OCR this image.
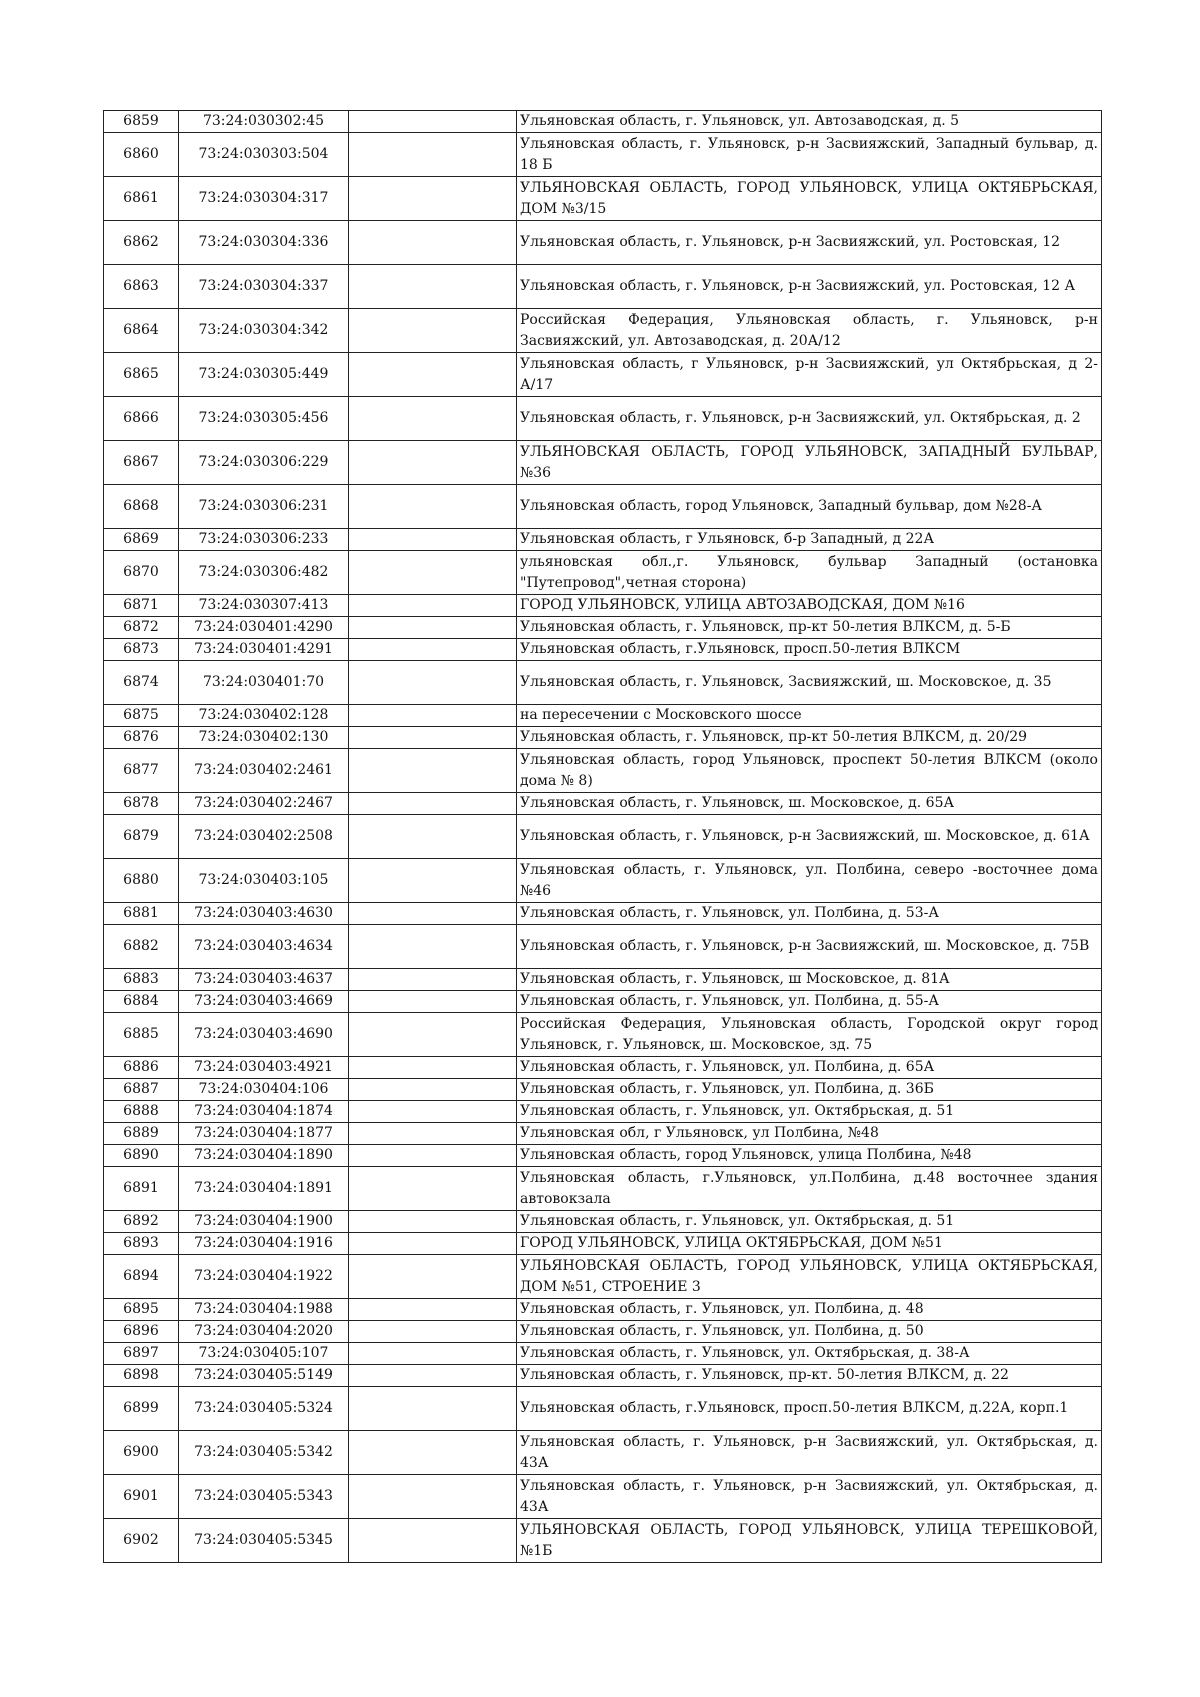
6859	73:24:030302:45		Ульяновская область, г. Ульяновск, ул. Автозаводская, д. 5
6860	73:24:030303:504		Ульяновская область, г. Ульяновск, р-н Засвияжский, Западный бульвар, д. 18 Б
6861	73:24:030304:317		УЛЬЯНОВСКАЯ ОБЛАСТЬ, ГОРОД УЛЬЯНОВСК, УЛИЦА ОКТЯБРЬСКАЯ, ДОМ №3/15
6862	73:24:030304:336		Ульяновская область, г. Ульяновск, р-н Засвияжский, ул. Ростовская, 12
6863	73:24:030304:337		Ульяновская область, г. Ульяновск, р-н Засвияжский, ул. Ростовская, 12 А
6864	73:24:030304:342		Российская Федерация, Ульяновская область, г. Ульяновск, р-н Засвияжский, ул. Автозаводская, д. 20А/12
6865	73:24:030305:449		Ульяновская область, г Ульяновск, р-н Засвияжский, ул Октябрьская, д 2-А/17
6866	73:24:030305:456		Ульяновская область, г. Ульяновск, р-н Засвияжский, ул. Октябрьская, д. 2
6867	73:24:030306:229		УЛЬЯНОВСКАЯ ОБЛАСТЬ, ГОРОД УЛЬЯНОВСК, ЗАПАДНЫЙ БУЛЬВАР, №36
6868	73:24:030306:231		Ульяновская область, город Ульяновск, Западный бульвар, дом №28-А
6869	73:24:030306:233		Ульяновская область, г Ульяновск, б-р Западный, д 22А
6870	73:24:030306:482		ульяновская обл.,г. Ульяновск, бульвар Западный (остановка "Путепровод",четная сторона)
6871	73:24:030307:413		ГОРОД УЛЬЯНОВСК, УЛИЦА АВТОЗАВОДСКАЯ, ДОМ №16
6872	73:24:030401:4290		Ульяновская область, г. Ульяновск, пр-кт 50-летия ВЛКСМ, д. 5-Б
6873	73:24:030401:4291		Ульяновская область, г.Ульяновск, просп.50-летия ВЛКСМ
6874	73:24:030401:70		Ульяновская область, г. Ульяновск, Засвияжский, ш. Московское, д. 35
6875	73:24:030402:128		на пересечении с Московского шоссе
6876	73:24:030402:130		Ульяновская область, г. Ульяновск, пр-кт 50-летия ВЛКСМ, д. 20/29
6877	73:24:030402:2461		Ульяновская область, город Ульяновск, проспект 50-летия ВЛКСМ (около дома № 8)
6878	73:24:030402:2467		Ульяновская область, г. Ульяновск, ш. Московское, д. 65А
6879	73:24:030402:2508		Ульяновская область, г. Ульяновск, р-н Засвияжский, ш. Московское, д. 61А
6880	73:24:030403:105		Ульяновская область, г. Ульяновск, ул. Полбина, северо -восточнее дома №46
6881	73:24:030403:4630		Ульяновская область, г. Ульяновск, ул. Полбина, д. 53-А
6882	73:24:030403:4634		Ульяновская область, г. Ульяновск, р-н Засвияжский, ш. Московское, д. 75В
6883	73:24:030403:4637		Ульяновская область, г. Ульяновск, ш Московское, д. 81А
6884	73:24:030403:4669		Ульяновская область, г. Ульяновск, ул. Полбина, д. 55-А
6885	73:24:030403:4690		Российская Федерация, Ульяновская область, Городской округ город Ульяновск, г. Ульяновск, ш. Московское, зд. 75
6886	73:24:030403:4921		Ульяновская область, г. Ульяновск, ул. Полбина, д. 65А
6887	73:24:030404:106		Ульяновская область, г. Ульяновск, ул. Полбина, д. 36Б
6888	73:24:030404:1874		Ульяновская область, г. Ульяновск, ул. Октябрьская, д. 51
6889	73:24:030404:1877		Ульяновская обл, г Ульяновск, ул Полбина, №48
6890	73:24:030404:1890		Ульяновская область, город Ульяновск, улица Полбина, №48
6891	73:24:030404:1891		Ульяновская область, г.Ульяновск, ул.Полбина, д.48 восточнее здания автовокзала
6892	73:24:030404:1900		Ульяновская область, г. Ульяновск, ул. Октябрьская, д. 51
6893	73:24:030404:1916		ГОРОД УЛЬЯНОВСК, УЛИЦА ОКТЯБРЬСКАЯ, ДОМ №51
6894	73:24:030404:1922		УЛЬЯНОВСКАЯ ОБЛАСТЬ, ГОРОД УЛЬЯНОВСК, УЛИЦА ОКТЯБРЬСКАЯ, ДОМ №51, СТРОЕНИЕ 3
6895	73:24:030404:1988		Ульяновская область, г. Ульяновск, ул. Полбина, д. 48
6896	73:24:030404:2020		Ульяновская область, г. Ульяновск, ул. Полбина, д. 50
6897	73:24:030405:107		Ульяновская область, г. Ульяновск, ул. Октябрьская, д. 38-А
6898	73:24:030405:5149		Ульяновская область, г. Ульяновск, пр-кт. 50-летия ВЛКСМ, д. 22
6899	73:24:030405:5324		Ульяновская область, г.Ульяновск, просп.50-летия ВЛКСМ, д.22А, корп.1
6900	73:24:030405:5342		Ульяновская область, г. Ульяновск, р-н Засвияжский, ул. Октябрьская, д. 43А
6901	73:24:030405:5343		Ульяновская область, г. Ульяновск, р-н Засвияжский, ул. Октябрьская, д. 43А
6902	73:24:030405:5345		УЛЬЯНОВСКАЯ ОБЛАСТЬ, ГОРОД УЛЬЯНОВСК, УЛИЦА ТЕРЕШКОВОЙ, №1Б
